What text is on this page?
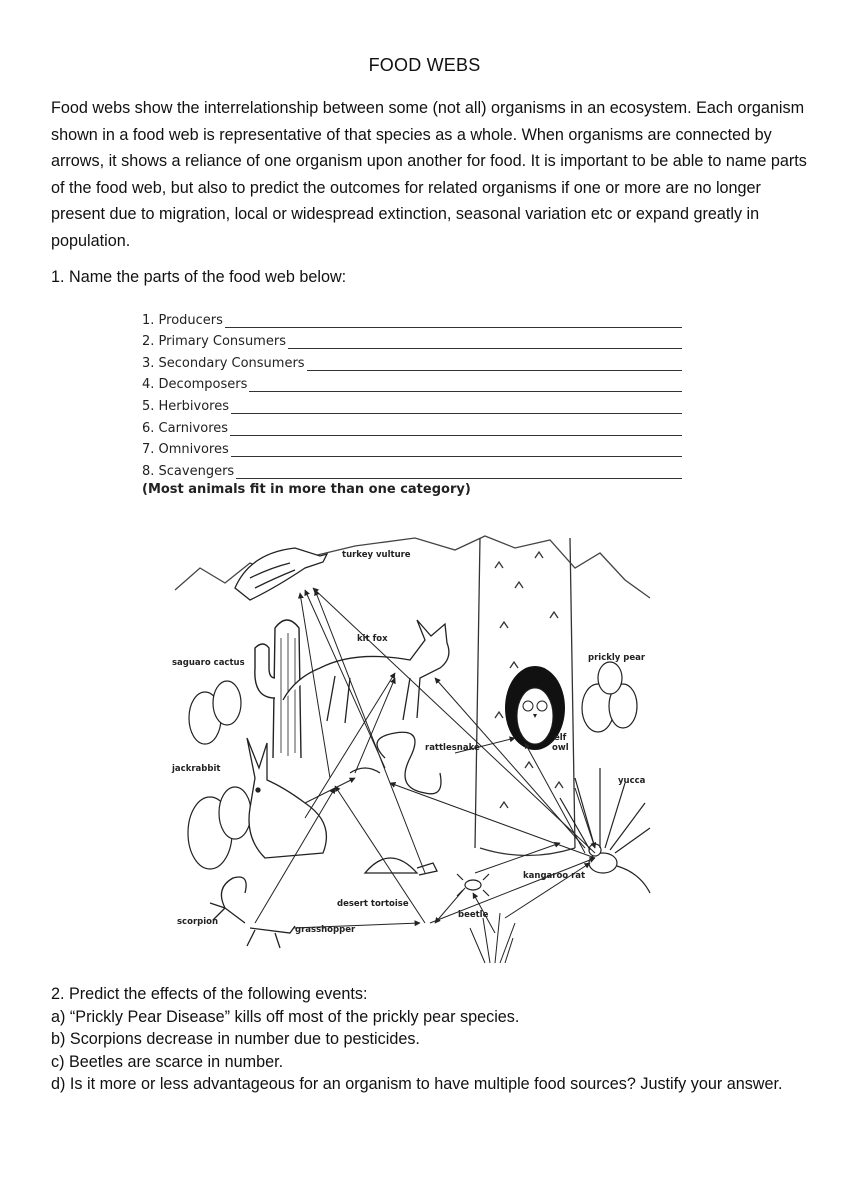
FOOD WEBS

Food webs show the interrelationship between some (not all) organisms in an ecosystem. Each organism shown in a food web is representative of that species as a whole. When organisms are connected by arrows, it shows a reliance of one organism upon another for food. It is important to be able to name parts of the food web, but also to predict the outcomes for related organisms if one or more are no longer present due to migration, local or widespread extinction, seasonal variation etc or expand greatly in population.

1. Name the parts of the food web below:

1. Producers
2. Primary Consumers
3. Secondary Consumers
4. Decomposers
5. Herbivores
6. Carnivores
7. Omnivores
8. Scavengers
(Most animals fit in more than one category)
turkey vulture
kit fox
saguaro cactus	prickly pear
rattlesnake
elf
owl
jackrabbit
yucca
kangaroo rat
desert tortoise
beetle
scorpion
grasshopper

2. Predict the effects of the following events:

a) “Prickly Pear Disease” kills off most of the prickly pear species.

b) Scorpions decrease in number due to pesticides.

c) Beetles are scarce in number.

d) Is it more or less advantageous for an organism to have multiple food sources? Justify your answer.
